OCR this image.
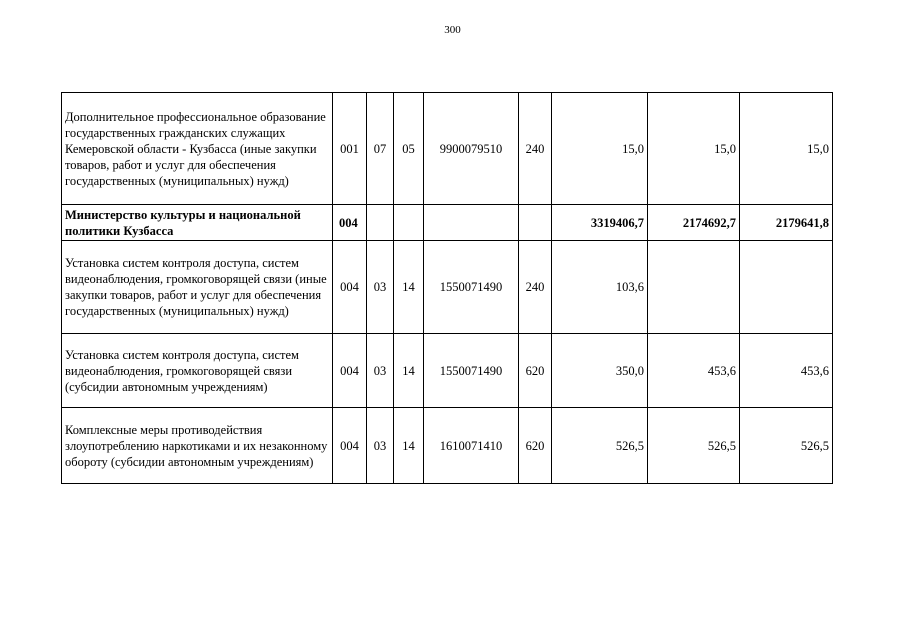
300
Дополнительное профессиональное образование государственных гражданских служащих Кемеровской области - Кузбасса (иные закупки товаров, работ и услуг для обеспечения государственных (муниципальных) нужд)	001	07	05	9900079510	240	15,0	15,0	15,0
Министерство культуры и национальной политики Кузбасса	004					3319406,7	2174692,7	2179641,8
Установка систем контроля доступа, систем видеонаблюдения, громкоговорящей связи (иные закупки товаров, работ и услуг для обеспечения государственных (муниципальных) нужд)	004	03	14	1550071490	240	103,6		
Установка систем контроля доступа, систем видеонаблюдения, громкоговорящей связи (субсидии автономным учреждениям)	004	03	14	1550071490	620	350,0	453,6	453,6
Комплексные меры противодействия злоупотреблению наркотиками и их незаконному обороту (субсидии автономным учреждениям)	004	03	14	1610071410	620	526,5	526,5	526,5
